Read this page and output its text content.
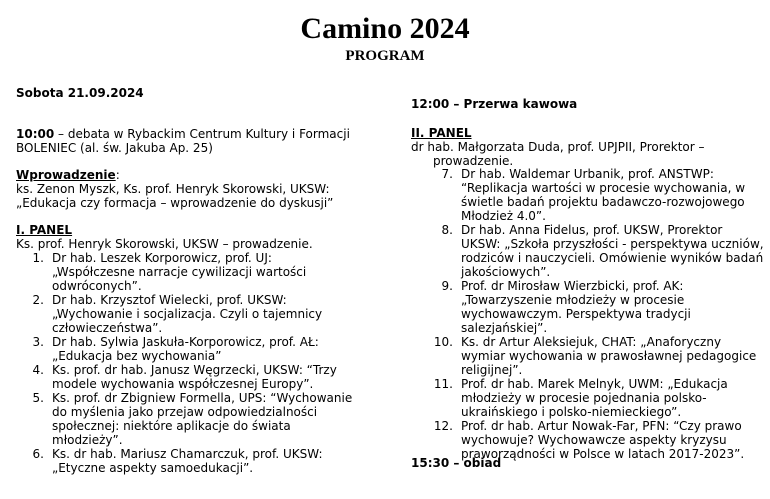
Camino 2024
PROGRAM
Sobota 21.09.2024
10:00 – debata w Rybackim Centrum Kultury i Formacji
BOLENIEC (al. św. Jakuba Ap. 25)
Wprowadzenie:
ks. Zenon Myszk, Ks. prof. Henryk Skorowski, UKSW:
„Edukacja czy formacja – wprowadzenie do dyskusji”
I. PANEL
Ks. prof. Henryk Skorowski, UKSW – prowadzenie.
1. Dr hab. Leszek Korporowicz, prof. UJ:
„Współczesne narracje cywilizacji wartości
odwróconych”.
2. Dr hab. Krzysztof Wielecki, prof. UKSW:
„Wychowanie i socjalizacja. Czyli o tajemnicy
człowieczeństwa”.
3. Dr hab. Sylwia Jaskuła-Korporowicz, prof. AŁ:
„Edukacja bez wychowania”
4. Ks. prof. dr hab. Janusz Węgrzecki, UKSW: “Trzy
modele wychowania współczesnej Europy”.
5. Ks. prof. dr Zbigniew Formella, UPS: “Wychowanie
do myślenia jako przejaw odpowiedzialności
społecznej: niektóre aplikacje do świata
młodzieży”.
6. Ks. dr hab. Mariusz Chamarczuk, prof. UKSW:
„Etyczne aspekty samoedukacji”.
12:00 – Przerwa kawowa
II. PANEL
dr hab. Małgorzata Duda, prof. UPJPII, Prorektor –
prowadzenie.
7. Dr hab. Waldemar Urbanik, prof. ANSTWP:
“Replikacja wartości w procesie wychowania, w
świetle badań projektu badawczo-rozwojowego
Młodzież 4.0”.
8. Dr hab. Anna Fidelus, prof. UKSW, Prorektor
UKSW: „Szkoła przyszłości - perspektywa uczniów,
rodziców i nauczycieli. Omówienie wyników badań
jakościowych”.
9. Prof. dr Mirosław Wierzbicki, prof. AK:
„Towarzyszenie młodzieży w procesie
wychowawczym. Perspektywa tradycji
salezjańskiej”.
10. Ks. dr Artur Aleksiejuk, CHAT: „Anaforyczny
wymiar wychowania w prawosławnej pedagogice
religijnej”.
11. Prof. dr hab. Marek Melnyk, UWM: „Edukacja
młodzieży w procesie pojednania polsko-
ukraińskiego i polsko-niemieckiego”.
12. Prof. dr hab. Artur Nowak-Far, PFN: “Czy prawo
wychowuje? Wychowawcze aspekty kryzysu
praworządności w Polsce w latach 2017-2023”.
15:30 – obiad
